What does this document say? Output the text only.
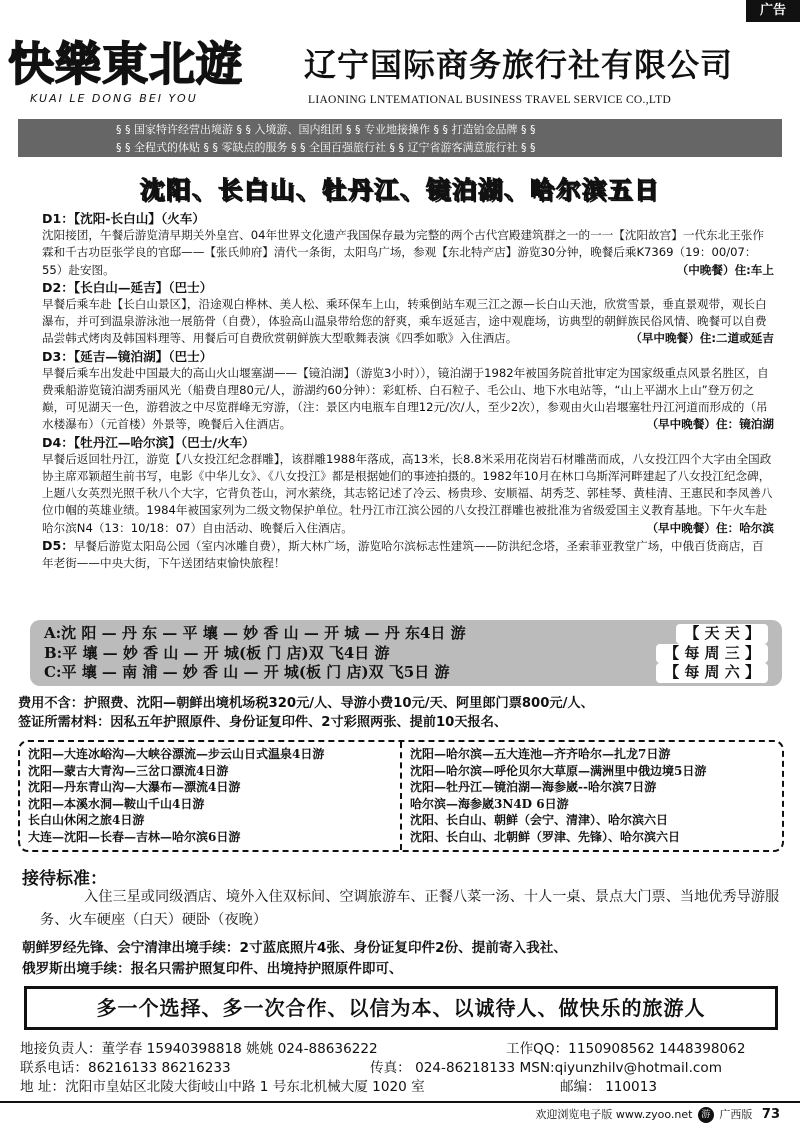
广告
快樂東北遊
KUAI LE DONG BEI YOU
辽宁国际商务旅行社有限公司
LIAONING LNTEMATIONAL BUSINESS TRAVEL SERVICE CO.,LTD
§ § 国家特许经营出境游 § § 入境游、国内组团 § § 专业地接操作 § § 打造铂金品牌 § §
§ § 全程式的体贴 § § 零缺点的服务 § § 全国百强旅行社 § § 辽宁省游客满意旅行社 § §
沈阳、长白山、牡丹江、镜泊湖、哈尔滨五日

D1：【沈阳-长白山】（火车）

沈阳接团，午餐后游览清早期关外皇宫、04年世界文化遗产我国保存最为完整的两个古代宫殿建筑群之一的一一【沈阳故宫】一代东北王张作霖和千古功臣张学良的官邸——【张氏帅府】清代一条街，太阳鸟广场，参观【东北特产店】游览30分钟，晚餐后乘K7369（19：00/07：55）赴安图。	（中晚餐）住:车上

D2：【长白山—延吉】（巴士）

早餐后乘车赴【长白山景区】，沿途观白桦林、美人松、乘环保车上山，转乘倒站车观三江之源—长白山天池，欣赏雪景，垂直景观带，观长白瀑布，并可到温泉游泳池一展筋骨（自费），体验高山温泉带给您的舒爽，乘车返延吉，途中观鹿场，访典型的朝鲜族民俗风情、晚餐可以自费品尝韩式烤肉及韩国料理等、用餐后可自费欣赏朝鲜族大型歌舞表演《四季如歌》入住酒店。	（早中晚餐）住:二道或延吉

D3：【延吉—镜泊湖】（巴士）

早餐后乘车出发赴中国最大的高山火山堰塞湖——【镜泊湖】（游览3小时）），镜泊湖于1982年被国务院首批审定为国家级重点风景名胜区，自费乘船游览镜泊湖秀丽风光（船费自理80元/人，游湖约60分钟）：彩虹桥、白石粒子、毛公山、地下水电站等，“山上平湖水上山”登万仞之巅，可见湖天一色，游碧波之中尽览群峰无穷游，（注：景区内电瓶车自理12元/次/人，至少2次），参观由火山岩堰塞牡丹江河道而形成的（吊水楼瀑布）（元首楼）外景等，晚餐后入住酒店。	（早中晚餐）住：镜泊湖

D4：【牡丹江—哈尔滨】（巴士/火车）

早餐后返回牡丹江，游览【八女投江纪念群雕】，该群雕1988年落成，高13米，长8.8米采用花岗岩石材雕凿而成，八女投江四个大字由全国政协主席邓颖超生前书写，电影《中华儿女》、《八女投江》都是根据她们的事迹拍摄的。1982年10月在林口乌斯浑河畔建起了八女投江纪念碑，上题八女英烈光照千秋八个大字，它背负苍山，河水萦绕，其志铭记述了冷云、杨贵珍、安顺福、胡秀芝、郭桂琴、黄桂清、王惠民和李凤善八位巾帼的英雄业绩。1984年被国家列为二级文物保护单位。牡丹江市江滨公园的八女投江群雕也被批准为省级爱国主义教育基地。下午火车赴哈尔滨N4（13：10/18：07）自由活动、晚餐后入住酒店。	（早中晚餐）住：哈尔滨

D5：早餐后游览太阳岛公园（室内冰雕自费），斯大林广场，游览哈尔滨标志性建筑——防洪纪念塔，圣索菲亚教堂广场，中俄百货商店，百年老街——中央大街，下午送团结束愉快旅程！

A:沈 阳 — 丹 东 — 平 壤 — 妙 香 山 — 开 城 — 丹 东4日 游	【 天 天 】
B:平 壤 — 妙 香 山 — 开 城(板 门 店)双 飞4日 游	【 每 周 三 】
C:平 壤 — 南 浦 — 妙 香 山 — 开 城(板 门 店)双 飞5日 游	【 每 周 六 】

费用不含：护照费、沈阳—朝鲜出境机场税320元/人、导游小费10元/天、阿里郎门票800元/人、

签证所需材料：因私五年护照原件、身份证复印件、2寸彩照两张、提前10天报名、

沈阳—大连冰峪沟—大峡谷漂流—步云山日式温泉4日游
沈阳—蒙古大青沟—三岔口漂流4日游
沈阳—丹东青山沟—大瀑布—漂流4日游
沈阳—本溪水洞—鞍山千山4日游
长白山休闲之旅4日游
大连—沈阳—长春—吉林—哈尔滨6日游
沈阳—哈尔滨—五大连池—齐齐哈尔—扎龙7日游
沈阳—哈尔滨—呼伦贝尔大草原—满洲里中俄边境5日游
沈阳—牡丹江—镜泊湖—海参崴--哈尔滨7日游
哈尔滨—海参崴3N4D 6日游
沈阳、长白山、朝鲜（会宁、清津）、哈尔滨六日
沈阳、长白山、北朝鲜（罗津、先锋）、哈尔滨六日
接待标准：
入住三星或同级酒店、境外入住双标间、空调旅游车、正餐八菜一汤、十人一桌、景点大门票、当地优秀导游服务、火车硬座（白天）硬卧（夜晚）

朝鲜罗经先锋、会宁清津出境手续：2寸蓝底照片4张、身份证复印件2份、提前寄入我社、

俄罗斯出境手续：报名只需护照复印件、出境持护照原件即可、

多一个选择、多一次合作、以信为本、以诚待人、做快乐的旅游人
地接负责人：董学春 15940398818 姚姚 024-88636222	工作QQ：1150908562 1448398062
联系电话：86216133 86216233	传真： 024-86218133 MSN:qiyunzhilv@hotmail.com
地 址：沈阳市皇姑区北陵大街岐山中路 1 号东北机械大厦 1020 室	邮编： 110013
欢迎浏览电子版 www.zyoo.net 游 广西版 73
